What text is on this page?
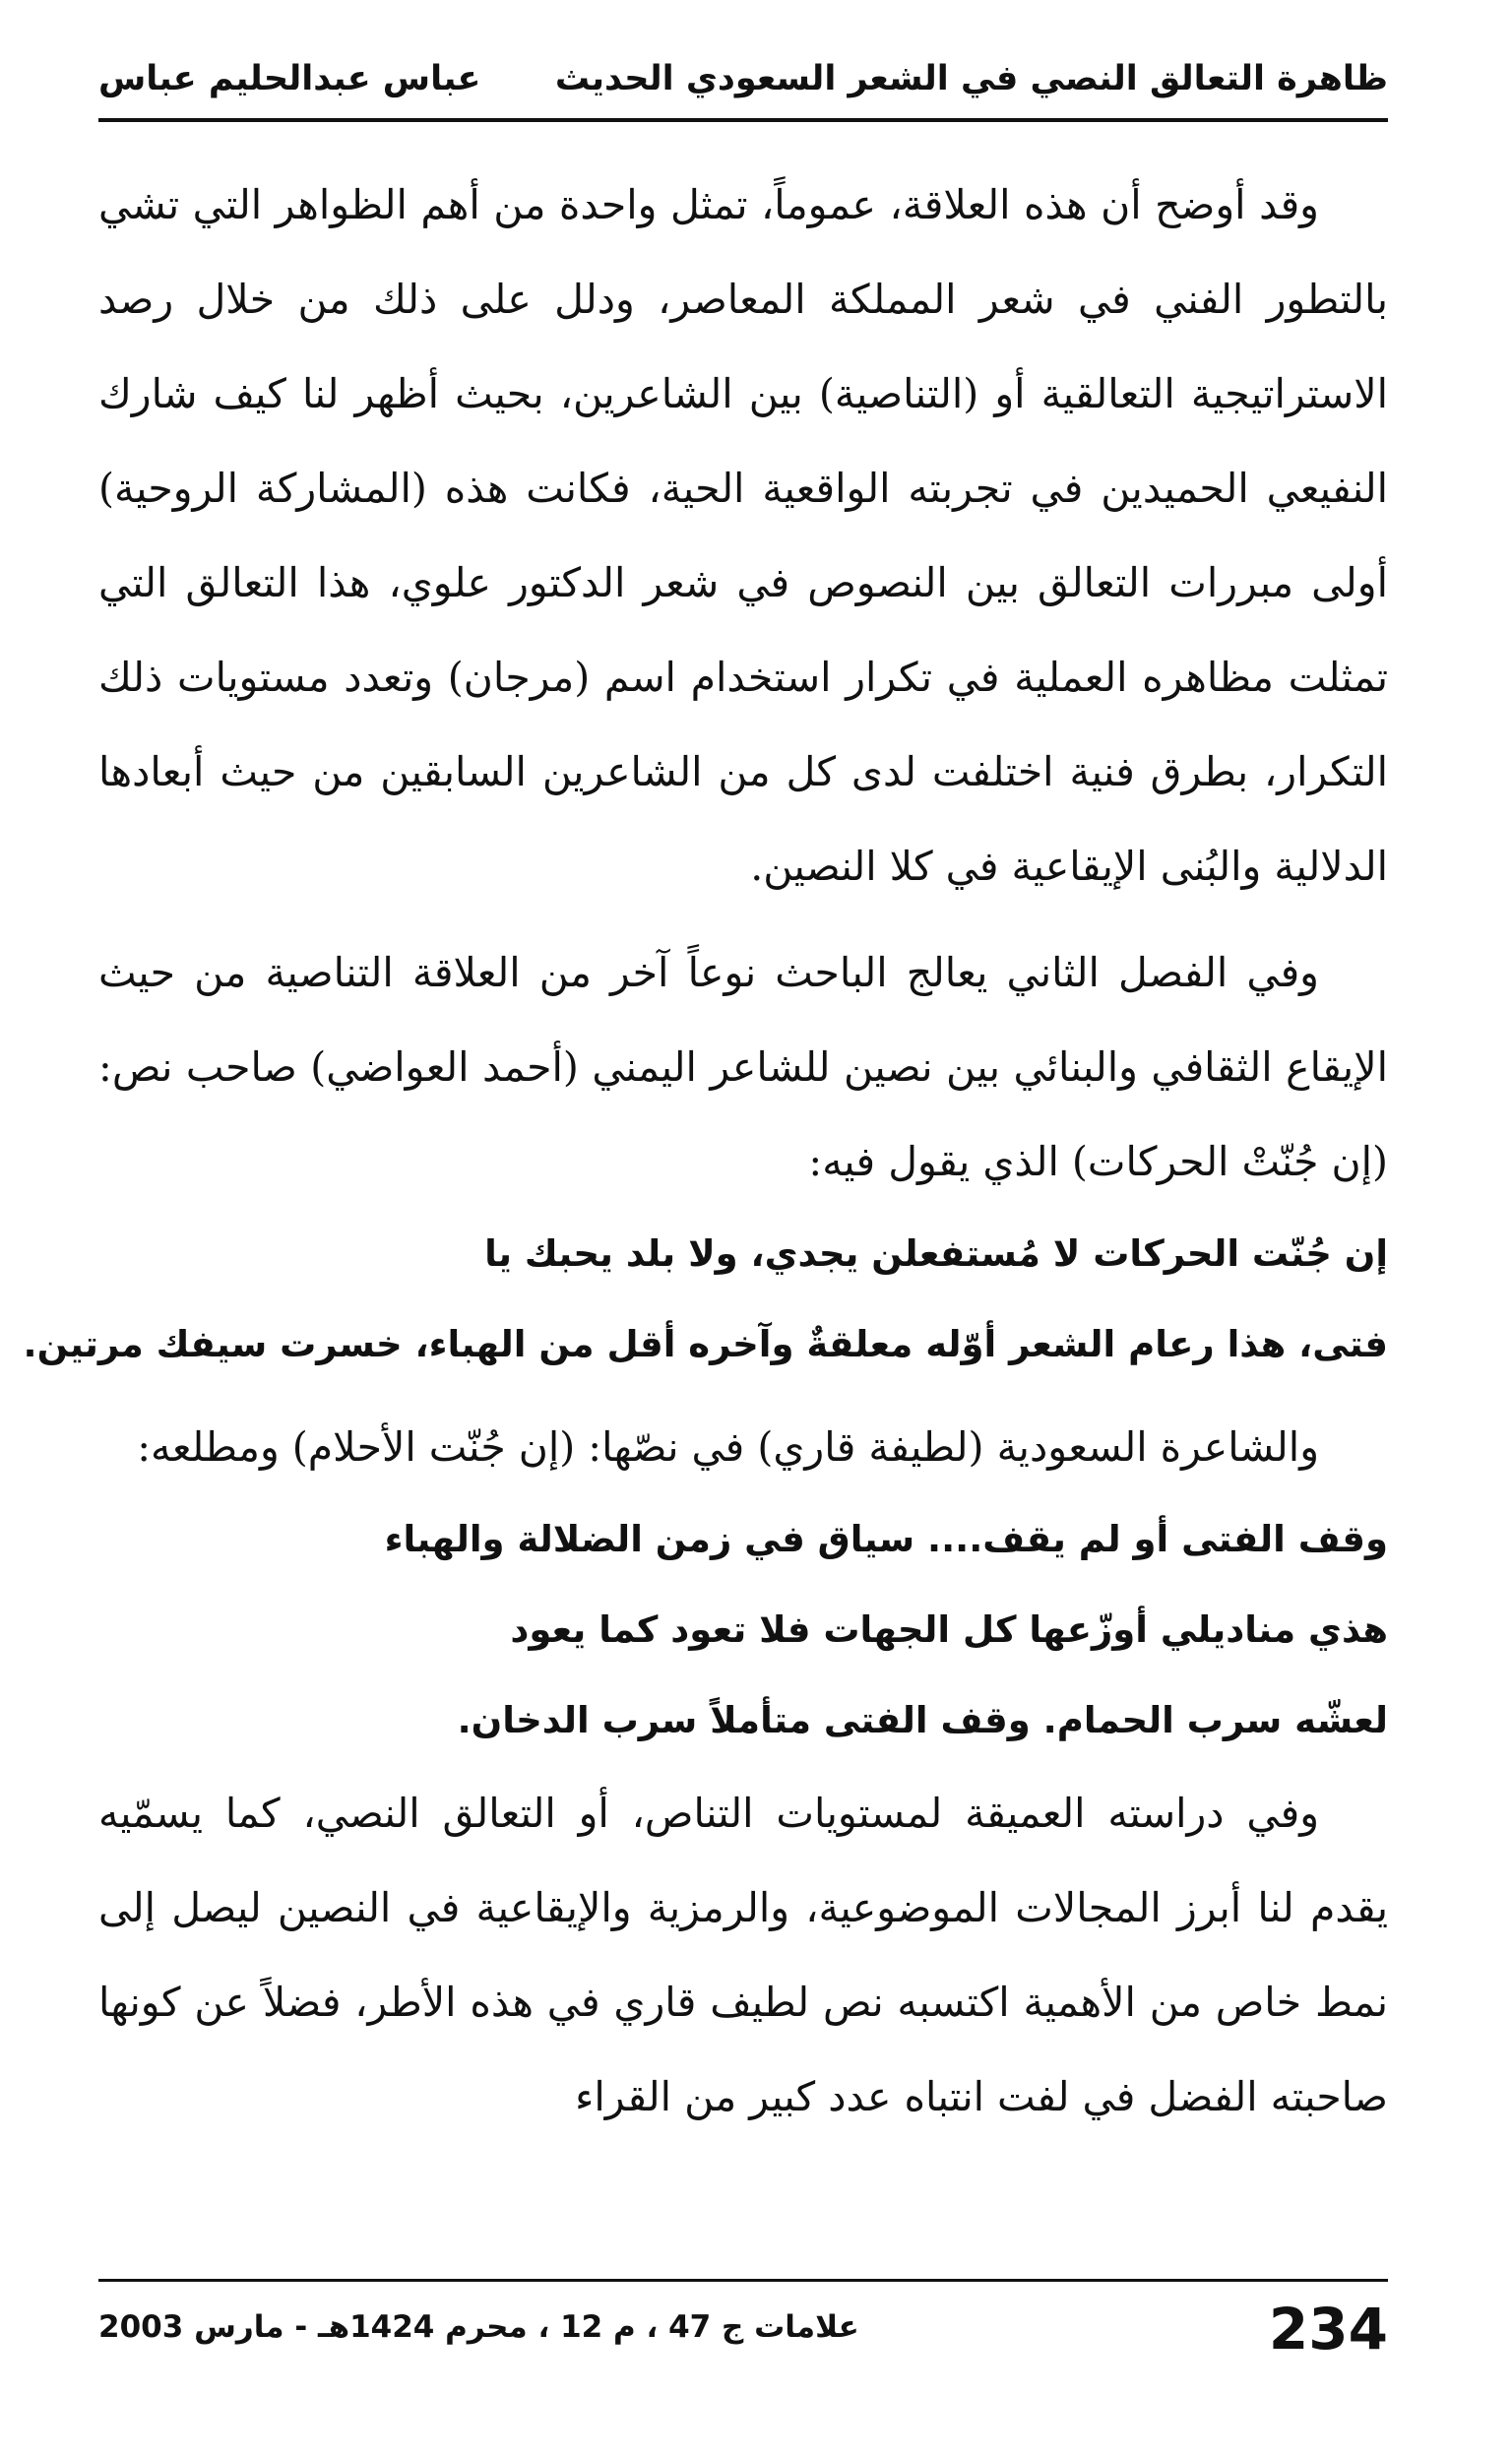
ظاهرة التعالق النصي في الشعر السعودي الحديث
عباس عبدالحليم عباس

وقد أوضح أن هذه العلاقة، عموماً، تمثل واحدة من أهم الظواهر التي تشي بالتطور الفني في شعر المملكة المعاصر، ودلل على ذلك من خلال رصد الاستراتيجية التعالقية أو (التناصية) بين الشاعرين، بحيث أظهر لنا كيف شارك النفيعي الحميدين في تجربته الواقعية الحية، فكانت هذه (المشاركة الروحية) أولى مبررات التعالق بين النصوص في شعر الدكتور علوي، هذا التعالق التي تمثلت مظاهره العملية في تكرار استخدام اسم (مرجان) وتعدد مستويات ذلك التكرار، بطرق فنية اختلفت لدى كل من الشاعرين السابقين من حيث أبعادها الدلالية والبُنى الإيقاعية في كلا النصين.

وفي الفصل الثاني يعالج الباحث نوعاً آخر من العلاقة التناصية من حيث الإيقاع الثقافي والبنائي بين نصين للشاعر اليمني (أحمد العواضي) صاحب نص: (إن جُنّتْ الحركات) الذي يقول فيه:

إن جُنّت الحركات لا مُستفعلن يجدي، ولا بلد يحبك يا
فتى، هذا رعام الشعر أوّله معلقةٌ وآخره أقل من الهباء، خسرت سيفك مرتين.

والشاعرة السعودية (لطيفة قاري) في نصّها: (إن جُنّت الأحلام) ومطلعه:

وقف الفتى أو لم يقف.... سياق في زمن الضلالة والهباء
هذي مناديلي أوزّعها كل الجهات فلا تعود كما يعود
لعشّه سرب الحمام. وقف الفتى متأملاً سرب الدخان.

وفي دراسته العميقة لمستويات التناص، أو التعالق النصي، كما يسمّيه يقدم لنا أبرز المجالات الموضوعية، والرمزية والإيقاعية في النصين ليصل إلى نمط خاص من الأهمية اكتسبه نص لطيف قاري في هذه الأطر، فضلاً عن كونها صاحبته الفضل في لفت انتباه عدد كبير من القراء

234
علامات ج 47 ، م 12 ، محرم 1424هـ - مارس 2003
